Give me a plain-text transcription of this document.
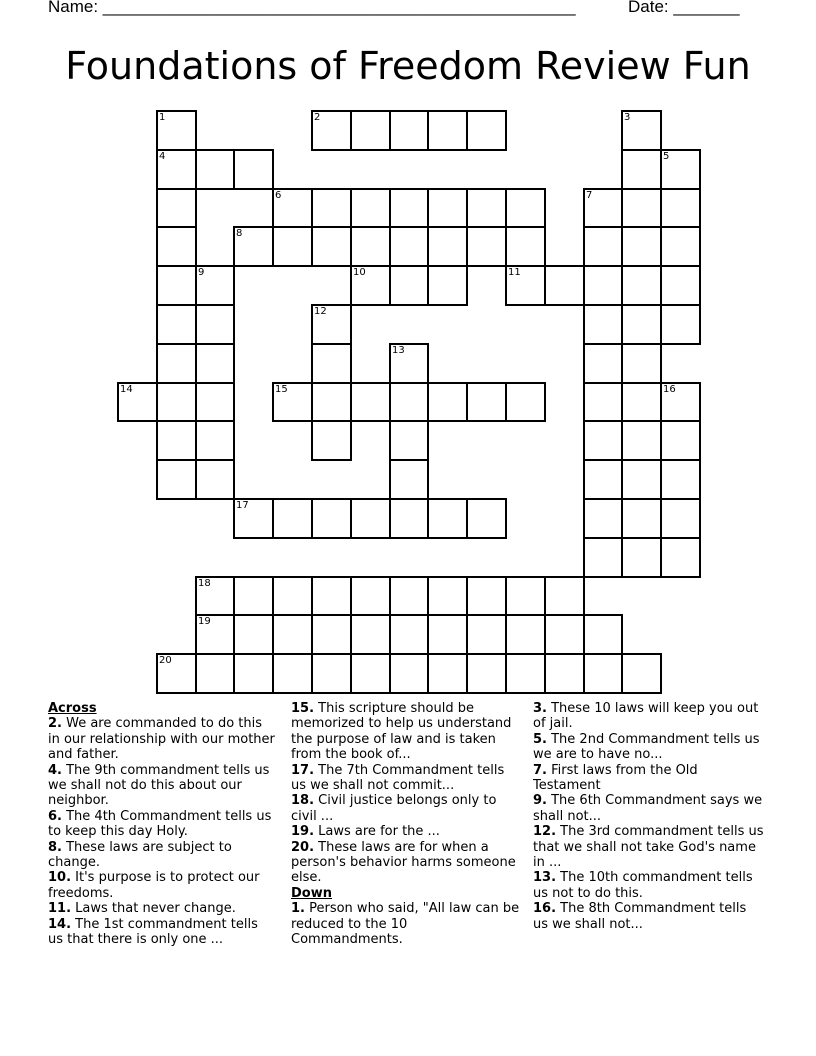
Name: __________________________________________________	Date: _______
Foundations of Freedom Review Fun
1	2	3
4	5
6	7
8
9	10	11
12
13
14	15	16
17
18
19
20

Across

2. We are commanded to do this in our relationship with our mother and father.

4. The 9th commandment tells us we shall not do this about our neighbor.

6. The 4th Commandment tells us to keep this day Holy.

8. These laws are subject to change.

10. It's purpose is to protect our freedoms.

11. Laws that never change.

14. The 1st commandment tells us that there is only one ...

15. This scripture should be memorized to help us understand the purpose of law and is taken from the book of...

17. The 7th Commandment tells us we shall not commit...

18. Civil justice belongs only to civil ...

19. Laws are for the ...

20. These laws are for when a person's behavior harms someone else.

Down

1. Person who said, "All law can be reduced to the 10 Commandments.

3. These 10 laws will keep you out of jail.

5. The 2nd Commandment tells us we are to have no...

7. First laws from the Old Testament

9. The 6th Commandment says we shall not...

12. The 3rd commandment tells us that we shall not take God's name in ...

13. The 10th commandment tells us not to do this.

16. The 8th Commandment tells us we shall not...
